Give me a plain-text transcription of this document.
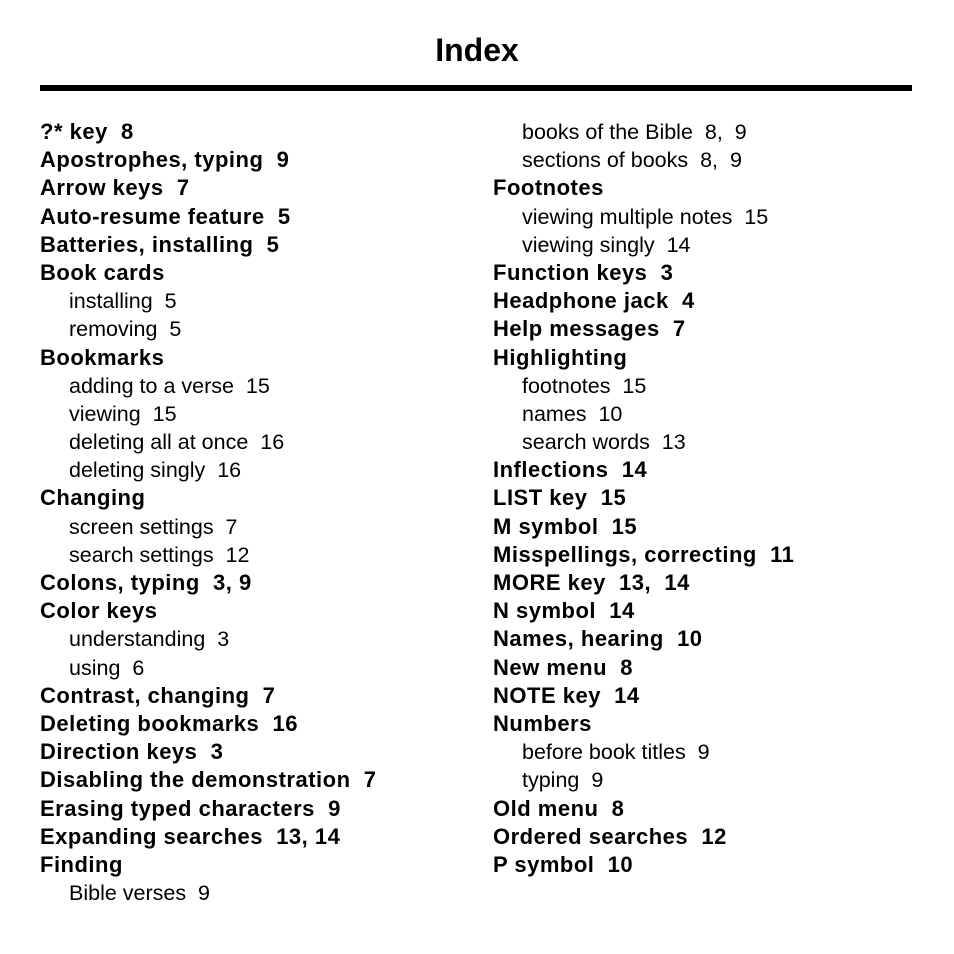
Index
?* key  8
Apostrophes, typing  9
Arrow keys  7
Auto-resume feature  5
Batteries, installing  5
Book cards
installing  5
removing  5
Bookmarks
adding to a verse  15
viewing  15
deleting all at once  16
deleting singly  16
Changing
screen settings  7
search settings  12
Colons, typing  3, 9
Color keys
understanding  3
using  6
Contrast, changing  7
Deleting bookmarks  16
Direction keys  3
Disabling the demonstration  7
Erasing typed characters  9
Expanding searches  13, 14
Finding
Bible verses  9
books of the Bible  8,  9
sections of books  8,  9
Footnotes
viewing multiple notes  15
viewing singly  14
Function keys  3
Headphone jack  4
Help messages  7
Highlighting
footnotes  15
names  10
search words  13
Inflections  14
LIST key  15
M symbol  15
Misspellings, correcting  11
MORE key  13,  14
N symbol  14
Names, hearing  10
New menu  8
NOTE key  14
Numbers
before book titles  9
typing  9
Old menu  8
Ordered searches  12
P symbol  10
